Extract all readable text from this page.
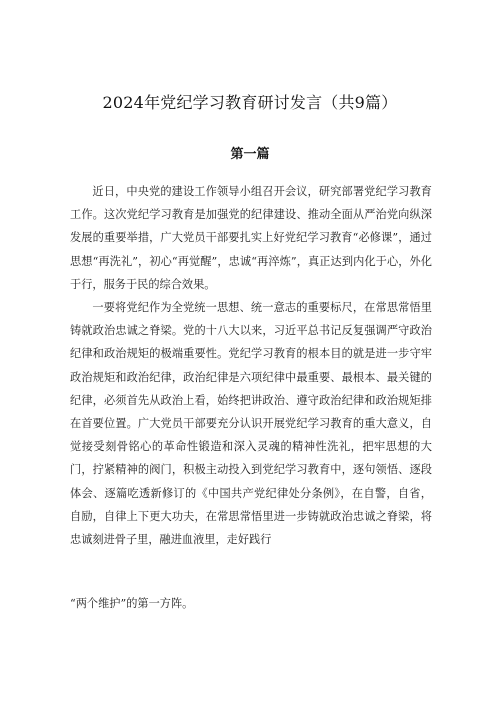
2024年党纪学习教育研讨发言（共9篇）
第一篇

近日，中央党的建设工作领导小组召开会议，研究部署党纪学习教育工作。这次党纪学习教育是加强党的纪律建设、推动全面从严治党向纵深发展的重要举措，广大党员干部要扎实上好党纪学习教育“必修课”，通过思想“再洗礼”，初心“再觉醒”，忠诚“再淬炼”，真正达到内化于心，外化于行，服务于民的综合效果。

一要将党纪作为全党统一思想、统一意志的重要标尺，在常思常悟里铸就政治忠诚之脊梁。党的十八大以来，习近平总书记反复强调严守政治纪律和政治规矩的极端重要性。党纪学习教育的根本目的就是进一步守牢政治规矩和政治纪律，政治纪律是六项纪律中最重要、最根本、最关键的纪律，必须首先从政治上看，始终把讲政治、遵守政治纪律和政治规矩排在首要位置。广大党员干部要充分认识开展党纪学习教育的重大意义，自觉接受刻骨铭心的革命性锻造和深入灵魂的精神性洗礼，把牢思想的大门，拧紧精神的阀门，积极主动投入到党纪学习教育中，逐句领悟、逐段体会、逐篇吃透新修订的《中国共产党纪律处分条例》，在自警，自省，自励，自律上下更大功夫，在常思常悟里进一步铸就政治忠诚之脊梁，将忠诚刻进骨子里，融进血液里，走好践行

“两个维护”的第一方阵。
